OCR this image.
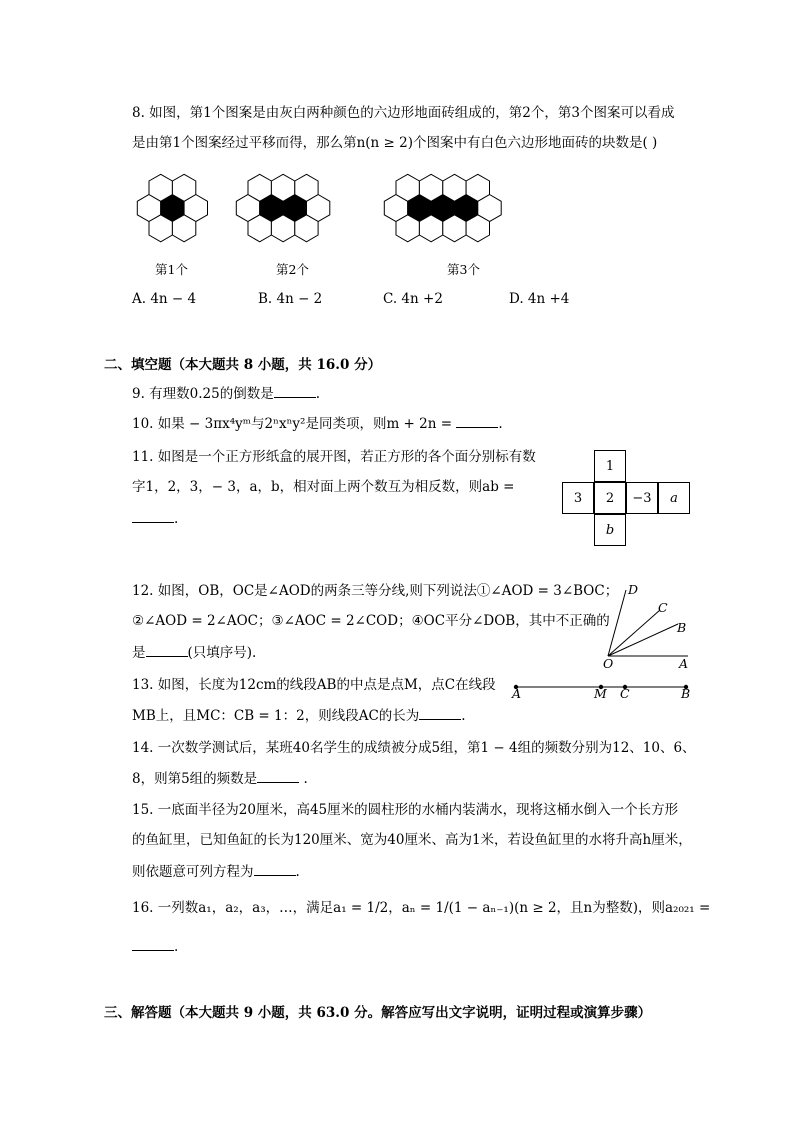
8. 如图，第1个图案是由灰白两种颜色的六边形地面砖组成的，第2个，第3个图案可以看成
是由第1个图案经过平移而得，那么第n(n ≥ 2)个图案中有白色六边形地面砖的块数是( )
第1个	第2个	第3个
A. 4n − 4	B. 4n − 2	C. 4n +2	D. 4n +4
二、填空题（本大题共 8 小题，共 16.0 分）
9. 有理数0.25的倒数是	.
10. 如果 − 3πx⁴yᵐ与2ⁿxⁿy²是同类项，则m + 2n =	.
11. 如图是一个正方形纸盒的展开图，若正方形的各个面分别标有数
字1，2，3，− 3，a，b，相对面上两个数互为相反数，则ab =
.
1
3	2	−3	a
b
12. 如图，OB，OC是∠AOD的两条三等分线,则下列说法①∠AOD = 3∠BOC；
②∠AOD = 2∠AOC；③∠AOC = 2∠COD；④OC平分∠DOB，其中不正确的
是	(只填序号).
D
C
B
O	A
13. 如图，长度为12cm的线段AB的中点是点M，点C在线段
MB上，且MC：CB = 1：2，则线段AC的长为	.
A	M C	B
14. 一次数学测试后，某班40名学生的成绩被分成5组，第1 − 4组的频数分别为12、10、6、
8，则第5组的频数是	.
15. 一底面半径为20厘米，高45厘米的圆柱形的水桶内装满水，现将这桶水倒入一个长方形
的鱼缸里，已知鱼缸的长为120厘米、宽为40厘米、高为1米，若设鱼缸里的水将升高h厘米，
则依题意可列方程为	.
16. 一列数a₁，a₂，a₃，…，满足a₁ = 1/2，aₙ = 1/(1 − aₙ₋₁)(n ≥ 2，且n为整数)，则a₂₀₂₁ =
.
三、解答题（本大题共 9 小题，共 63.0 分。解答应写出文字说明，证明过程或演算步骤）
